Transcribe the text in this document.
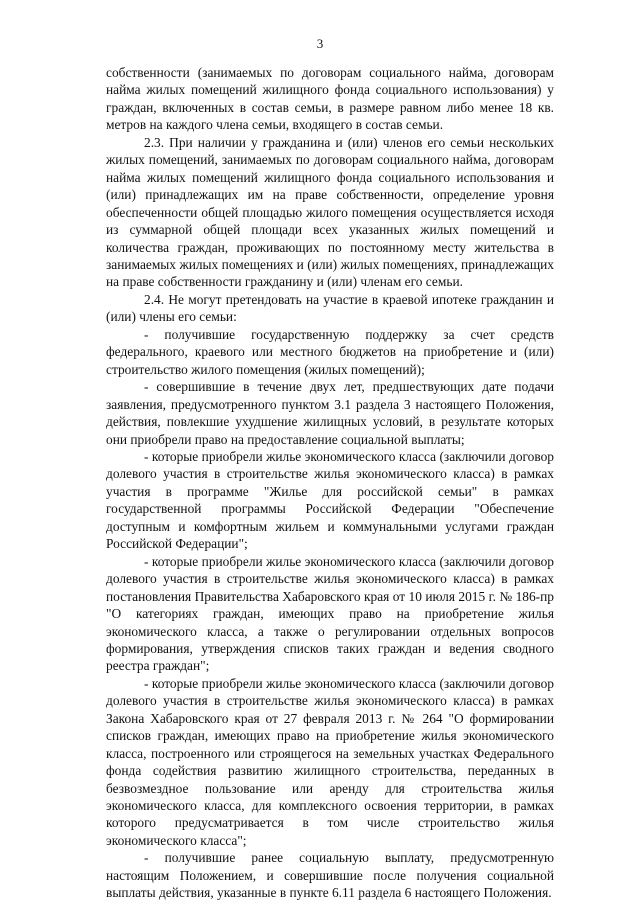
3

собственности (занимаемых по договорам социального найма, договорам найма жилых помещений жилищного фонда социального использования) у граждан, включенных в состав семьи, в размере равном либо менее 18 кв. метров на каждого члена семьи, входящего в состав семьи.

2.3. При наличии у гражданина и (или) членов его семьи нескольких жилых помещений, занимаемых по договорам социального найма, договорам найма жилых помещений жилищного фонда социального использования и (или) принадлежащих им на праве собственности, определение уровня обеспеченности общей площадью жилого помещения осуществляется исходя из суммарной общей площади всех указанных жилых помещений и количества граждан, проживающих по постоянному месту жительства в занимаемых жилых помещениях и (или) жилых помещениях, принадлежащих на праве собственности гражданину и (или) членам его семьи.

2.4. Не могут претендовать на участие в краевой ипотеке гражданин и (или) члены его семьи:

- получившие государственную поддержку за счет средств федерального, краевого или местного бюджетов на приобретение и (или) строительство жилого помещения (жилых помещений);

- совершившие в течение двух лет, предшествующих дате подачи заявления, предусмотренного пунктом 3.1 раздела 3 настоящего Положения, действия, повлекшие ухудшение жилищных условий, в результате которых они приобрели право на предоставление социальной выплаты;

- которые приобрели жилье экономического класса (заключили договор долевого участия в строительстве жилья экономического класса) в рамках участия в программе "Жилье для российской семьи" в рамках государственной программы Российской Федерации "Обеспечение доступным и комфортным жильем и коммунальными услугами граждан Российской Федерации";

- которые приобрели жилье экономического класса (заключили договор долевого участия в строительстве жилья экономического класса) в рамках постановления Правительства Хабаровского края от 10 июля 2015 г. № 186-пр "О категориях граждан, имеющих право на приобретение жилья экономического класса, а также о регулировании отдельных вопросов формирования, утверждения списков таких граждан и ведения сводного реестра граждан";

- которые приобрели жилье экономического класса (заключили договор долевого участия в строительстве жилья экономического класса) в рамках Закона Хабаровского края от 27 февраля 2013 г. № 264 "О формировании списков граждан, имеющих право на приобретение жилья экономического класса, построенного или строящегося на земельных участках Федерального фонда содействия развитию жилищного строительства, переданных в безвозмездное пользование или аренду для строительства жилья экономического класса, для комплексного освоения территории, в рамках которого предусматривается в том числе строительство жилья экономического класса";

- получившие ранее социальную выплату, предусмотренную настоящим Положением, и совершившие после получения социальной выплаты действия, указанные в пункте 6.11 раздела 6 настоящего Положения.
